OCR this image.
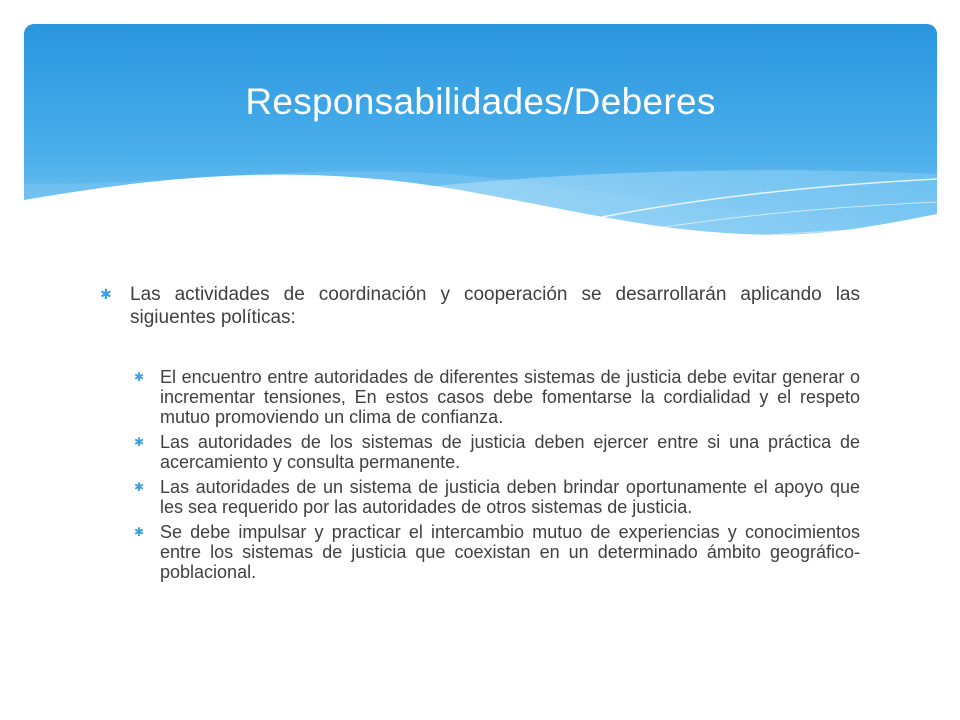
Responsabilidades/Deberes
✱ Las actividades de coordinación y cooperación se desarrollarán aplicando las sigiuentes políticas:
✱ El encuentro entre autoridades de diferentes sistemas de justicia debe evitar generar o incrementar tensiones, En estos casos debe fomentarse la cordialidad y el respeto mutuo promoviendo un clima de confianza.
✱ Las autoridades de los sistemas de justicia deben ejercer entre si una práctica de acercamiento y consulta permanente.
✱ Las autoridades de un sistema de justicia deben brindar oportunamente el apoyo que les sea requerido por las autoridades de otros sistemas de justicia.
✱ Se debe impulsar y practicar el intercambio mutuo de experiencias y conocimientos entre los sistemas de justicia que coexistan en un determinado ámbito geográfico-poblacional.
